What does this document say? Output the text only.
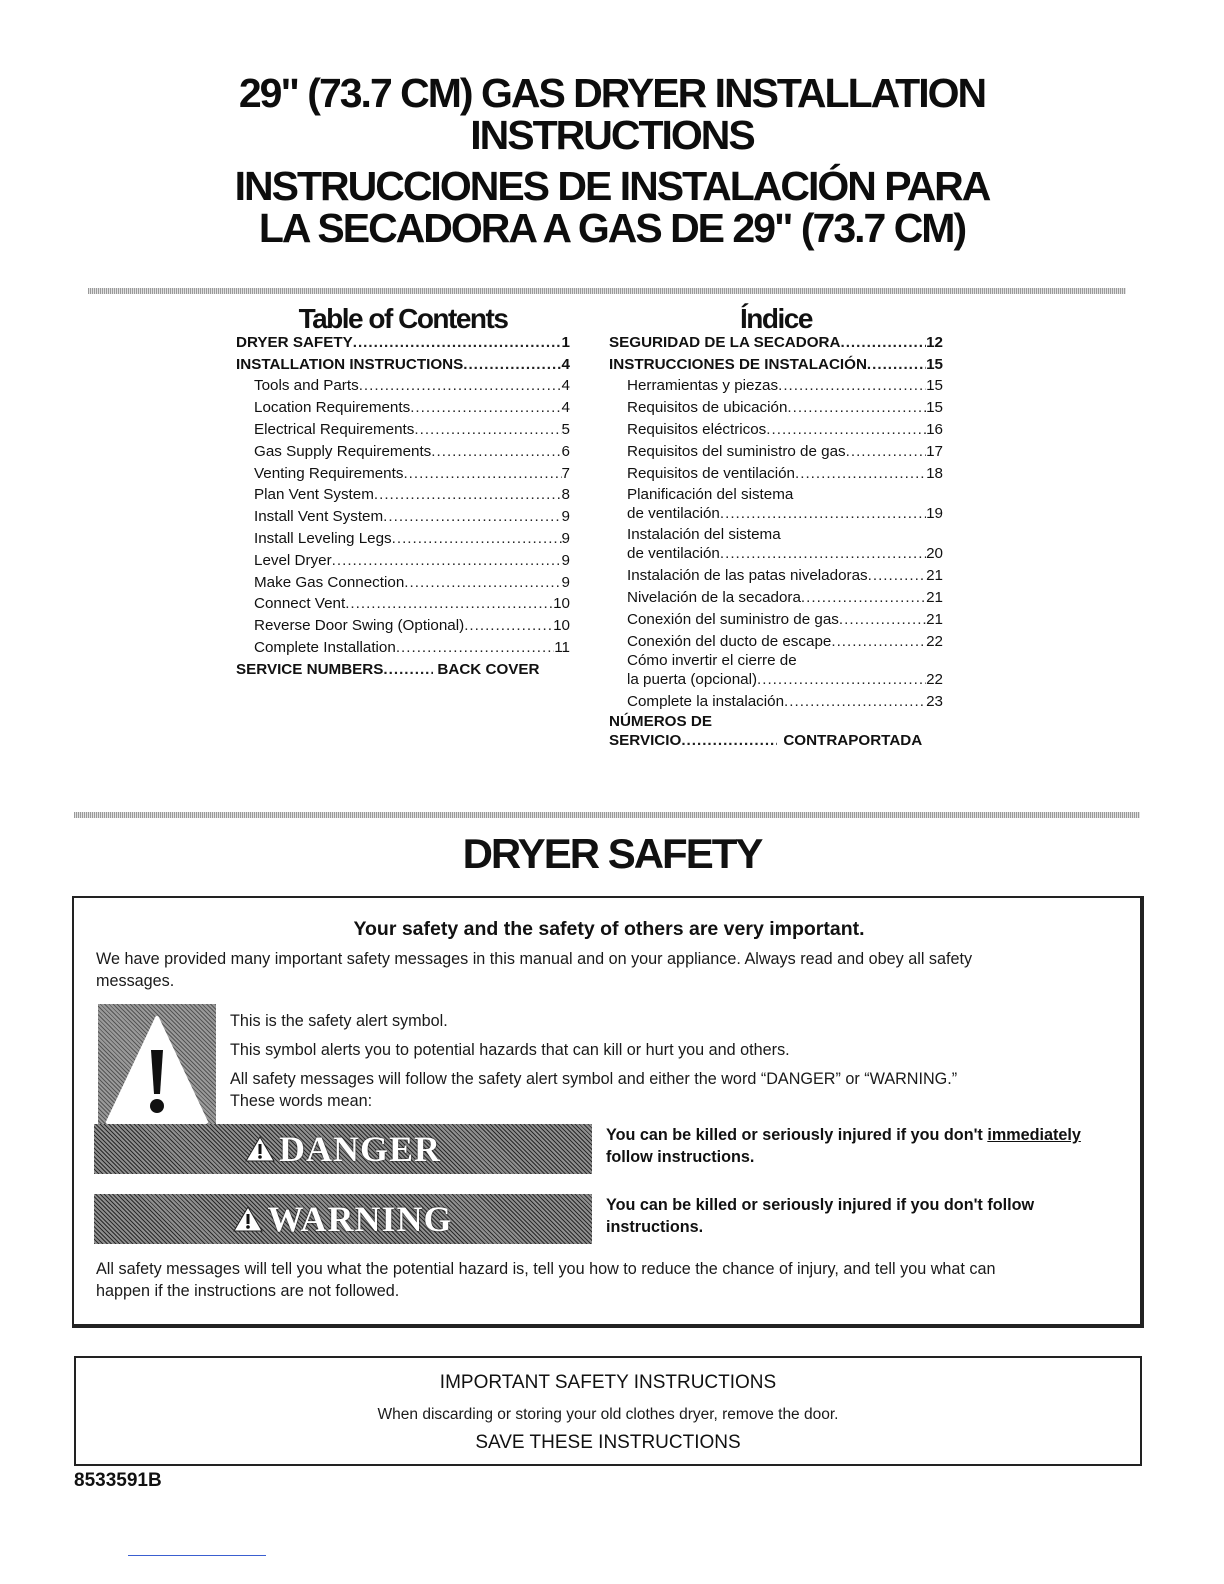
29" (73.7 CM) GAS DRYER INSTALLATION
INSTRUCTIONS
INSTRUCCIONES DE INSTALACIÓN PARA
LA SECADORA A GAS DE 29" (73.7 CM)
Table of Contents
DRYER SAFETY .....	1
INSTALLATION INSTRUCTIONS .....	4
Tools and Parts .....	4
Location Requirements .....	4
Electrical Requirements .....	5
Gas Supply Requirements .....	6
Venting Requirements .....	7
Plan Vent System .....	8
Install Vent System .....	9
Install Leveling Legs .....	9
Level Dryer .....	9
Make Gas Connection .....	9
Connect Vent .....	10
Reverse Door Swing (Optional) .....	10
Complete Installation .....	11
SERVICE NUMBERS .....	BACK COVER
Índice
SEGURIDAD DE LA SECADORA .....	12
INSTRUCCIONES DE INSTALACIÓN .....	15
Herramientas y piezas .....	15
Requisitos de ubicación .....	15
Requisitos eléctricos .....	16
Requisitos del suministro de gas .....	17
Requisitos de ventilación .....	18
Planificación del sistema
de ventilación .....	19
Instalación del sistema
de ventilación .....	20
Instalación de las patas niveladoras .....	21
Nivelación de la secadora .....	21
Conexión del suministro de gas .....	21
Conexión del ducto de escape .....	22
Cómo invertir el cierre de
la puerta (opcional) .....	22
Complete la instalación .....	23
NÚMEROS DE
SERVICIO .....	CONTRAPORTADA
DRYER SAFETY
Your safety and the safety of others are very important.
We have provided many important safety messages in this manual and on your appliance. Always read and obey all safety
messages.
This is the safety alert symbol.
This symbol alerts you to potential hazards that can kill or hurt you and others.
All safety messages will follow the safety alert symbol and either the word “DANGER” or “WARNING.”
These words mean:
DANGER	You can be killed or seriously injured if you don't immediately
follow instructions.
WARNING	You can be killed or seriously injured if you don't follow
instructions.
All safety messages will tell you what the potential hazard is, tell you how to reduce the chance of injury, and tell you what can
happen if the instructions are not followed.
IMPORTANT SAFETY INSTRUCTIONS
When discarding or storing your old clothes dryer, remove the door.
SAVE THESE INSTRUCTIONS
8533591B
